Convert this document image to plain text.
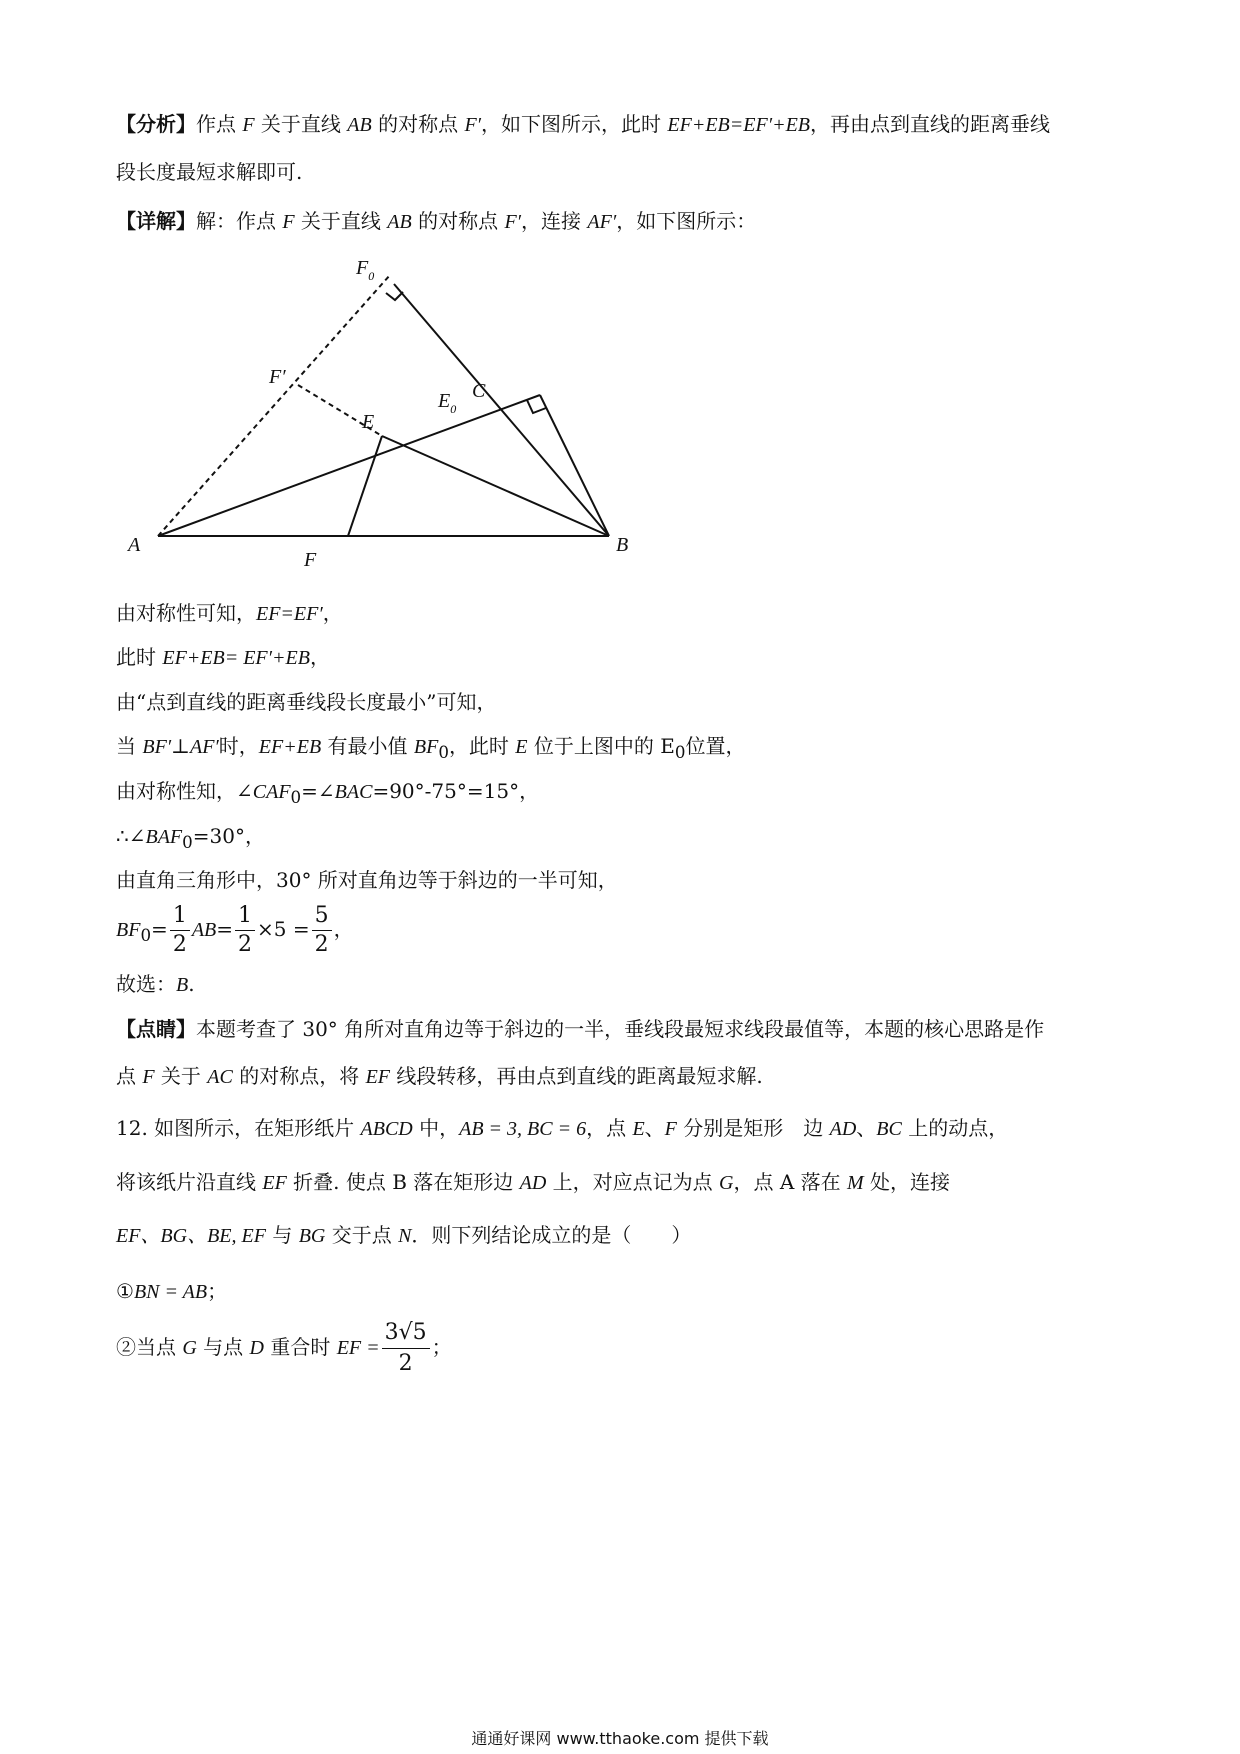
【分析】作点 F 关于直线 AB 的对称点 F′，如下图所示，此时 EF+EB=EF′+EB，再由点到直线的距离垂线
段长度最短求解即可.
【详解】解：作点 F 关于直线 AB 的对称点 F′，连接 AF′，如下图所示：
A	B
C
E
F
F′
$F_0$
$E_0$
由对称性可知，EF=EF′，
此时 EF+EB= EF′+EB，
由“点到直线的距离垂线段长度最小”可知，
当 BF′⊥AF′时，EF+EB 有最小值 $BF_0$，此时 E 位于上图中的 $E_0$位置，
由对称性知，$\angle CAF_0=\angle BAC=90^\circ-75^\circ=15^\circ$，
$\therefore\angle BAF_0=30^\circ$，
由直角三角形中，30° 所对直角边等于斜边的一半可知，
$BF_0= \frac{1}{2} AB= \frac{1}{2} \times 5 = \frac{5}{2}$ ，
故选：B.
【点睛】本题考查了 30° 角所对直角边等于斜边的一半，垂线段最短求线段最值等，本题的核心思路是作
点 F 关于 AC 的对称点，将 EF 线段转移，再由点到直线的距离最短求解.
12. 如图所示，在矩形纸片 ABCD 中，AB = 3, BC = 6，点 E、F 分别是矩形　边 AD、BC 上的动点，
将该纸片沿直线 EF 折叠. 使点 B 落在矩形边 AD 上，对应点记为点 G，点 A 落在 M 处，连接
EF、BG、BE, EF 与 BG 交于点 N．则下列结论成立的是（　　）
①BN = AB；
②当点 G 与点 D 重合时 EF = $\frac{3√5}{2}$ ；
通通好课网 www.tthaoke.com 提供下载
